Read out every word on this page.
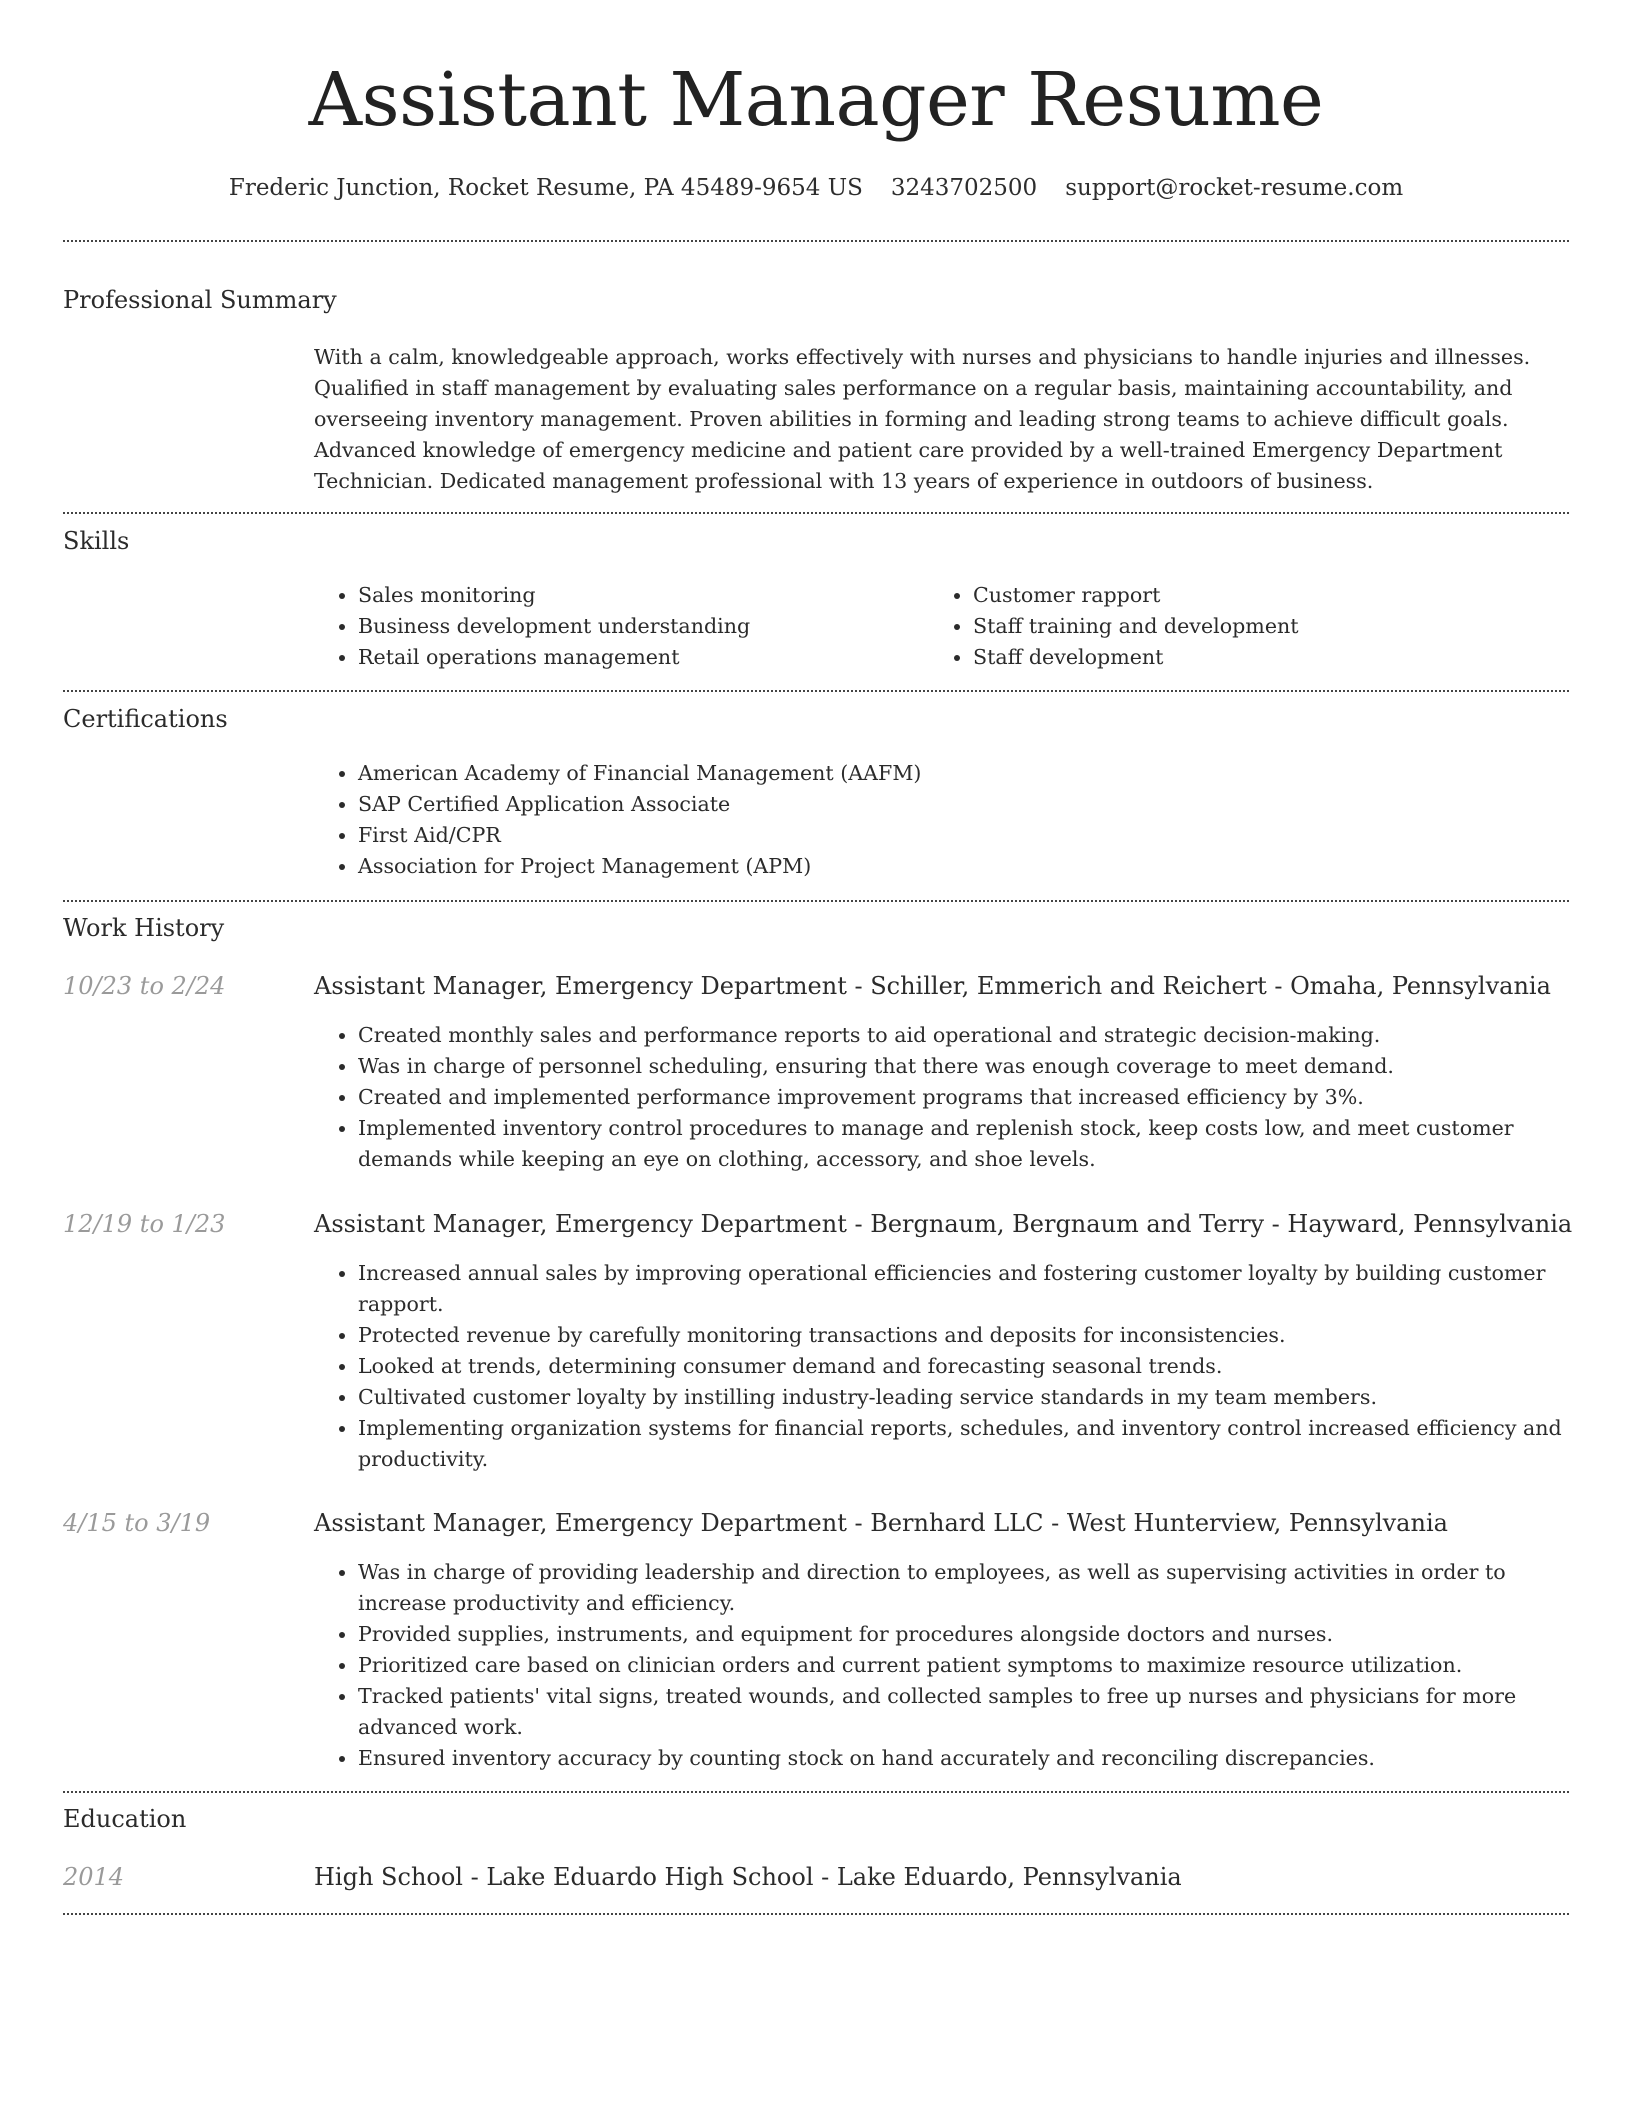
Assistant Manager Resume
Frederic Junction, Rocket Resume, PA 45489-9654 US 3243702500 support@rocket-resume.com
Professional Summary

With a calm, knowledgeable approach, works effectively with nurses and physicians to handle injuries and illnesses. Qualified in staff management by evaluating sales performance on a regular basis, maintaining accountability, and overseeing inventory management. Proven abilities in forming and leading strong teams to achieve difficult goals. Advanced knowledge of emergency medicine and patient care provided by a well-trained Emergency Department Technician. Dedicated management professional with 13 years of experience in outdoors of business.

Skills
• Sales monitoring
• Business development understanding
• Retail operations management
• Customer rapport
• Staff training and development
• Staff development
Certifications
• American Academy of Financial Management (AAFM)
• SAP Certified Application Associate
• First Aid/CPR
• Association for Project Management (APM)
Work History
10/23 to 2/24	Assistant Manager, Emergency Department - Schiller, Emmerich and Reichert - Omaha, Pennsylvania
• Created monthly sales and performance reports to aid operational and strategic decision-making.
• Was in charge of personnel scheduling, ensuring that there was enough coverage to meet demand.
• Created and implemented performance improvement programs that increased efficiency by 3%.
• Implemented inventory control procedures to manage and replenish stock, keep costs low, and meet customer demands while keeping an eye on clothing, accessory, and shoe levels.
12/19 to 1/23	Assistant Manager, Emergency Department - Bergnaum, Bergnaum and Terry - Hayward, Pennsylvania
• Increased annual sales by improving operational efficiencies and fostering customer loyalty by building customer rapport.
• Protected revenue by carefully monitoring transactions and deposits for inconsistencies.
• Looked at trends, determining consumer demand and forecasting seasonal trends.
• Cultivated customer loyalty by instilling industry-leading service standards in my team members.
• Implementing organization systems for financial reports, schedules, and inventory control increased efficiency and productivity.
4/15 to 3/19	Assistant Manager, Emergency Department - Bernhard LLC - West Hunterview, Pennsylvania
• Was in charge of providing leadership and direction to employees, as well as supervising activities in order to increase productivity and efficiency.
• Provided supplies, instruments, and equipment for procedures alongside doctors and nurses.
• Prioritized care based on clinician orders and current patient symptoms to maximize resource utilization.
• Tracked patients' vital signs, treated wounds, and collected samples to free up nurses and physicians for more advanced work.
• Ensured inventory accuracy by counting stock on hand accurately and reconciling discrepancies.
Education
2014	High School - Lake Eduardo High School - Lake Eduardo, Pennsylvania
